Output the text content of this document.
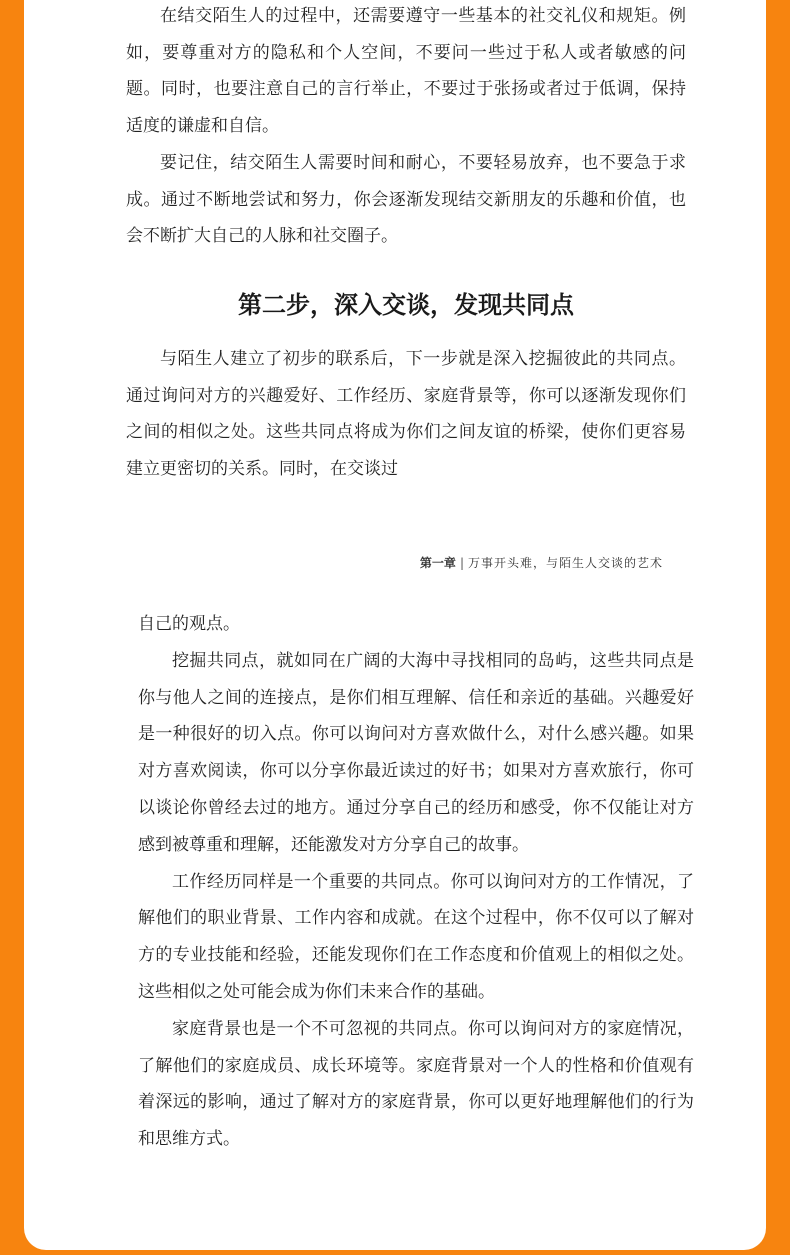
在结交陌生人的过程中，还需要遵守一些基本的社交礼仪和规矩。例如，要尊重对方的隐私和个人空间，不要问一些过于私人或者敏感的问题。同时，也要注意自己的言行举止，不要过于张扬或者过于低调，保持适度的谦虚和自信。

要记住，结交陌生人需要时间和耐心，不要轻易放弃，也不要急于求成。通过不断地尝试和努力，你会逐渐发现结交新朋友的乐趣和价值，也会不断扩大自己的人脉和社交圈子。

第二步，深入交谈，发现共同点

与陌生人建立了初步的联系后，下一步就是深入挖掘彼此的共同点。通过询问对方的兴趣爱好、工作经历、家庭背景等，你可以逐渐发现你们之间的相似之处。这些共同点将成为你们之间友谊的桥梁，使你们更容易建立更密切的关系。同时，在交谈过

第一章 | 万事开头难，与陌生人交谈的艺术

自己的观点。

挖掘共同点，就如同在广阔的大海中寻找相同的岛屿，这些共同点是你与他人之间的连接点，是你们相互理解、信任和亲近的基础。兴趣爱好是一种很好的切入点。你可以询问对方喜欢做什么，对什么感兴趣。如果对方喜欢阅读，你可以分享你最近读过的好书；如果对方喜欢旅行，你可以谈论你曾经去过的地方。通过分享自己的经历和感受，你不仅能让对方感到被尊重和理解，还能激发对方分享自己的故事。

工作经历同样是一个重要的共同点。你可以询问对方的工作情况，了解他们的职业背景、工作内容和成就。在这个过程中，你不仅可以了解对方的专业技能和经验，还能发现你们在工作态度和价值观上的相似之处。这些相似之处可能会成为你们未来合作的基础。

家庭背景也是一个不可忽视的共同点。你可以询问对方的家庭情况，了解他们的家庭成员、成长环境等。家庭背景对一个人的性格和价值观有着深远的影响，通过了解对方的家庭背景，你可以更好地理解他们的行为和思维方式。
